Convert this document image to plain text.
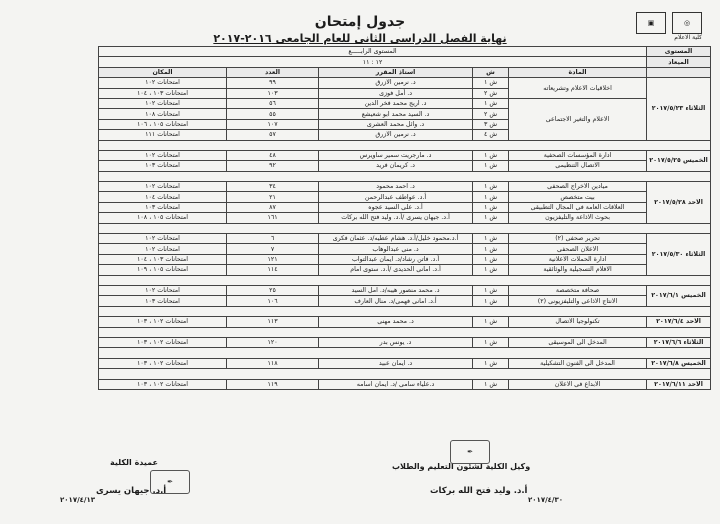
▣	◎
كلية الاعلام
جدول إمتحان
نهاية الفصل الدراسى الثانى للعام الجامعى ٢٠١٦-٢٠١٧
المستوى	المستوى الرابـــــع				
الميعاد	١٢ : ١١				
	المادة	ش	استاذ المقرر	العدد	المكان
الثلاثاء ٢٠١٧/٥/٢٣	اخلاقيات الاعلام وتشريعاته	ش ١	د. نرمين الازرق	٩٩	امتحانات ١٠٢
		ش ٢	د. أمل فوزى	١٠٣	امتحانات ١٠٣ ، ١٠٤
	الاعلام والتغير الاجتماعى	ش ١	د. اريج محمد فخر الدين	٥٦	امتحانات ١٠٢
		ش ٢	د. السيد محمد ابو شعيشع	٥٥	امتحانات ١٠٨
		ش ٣	د. وائل محمد العشرى	١٠٧	امتحانات ١٠٥ ، ١٠٦
		ش ٤	د. نرمين الازرق	٥٧	امتحانات ١١١

الخميس ٢٠١٧/٥/٢٥	ادارة المؤسسات الصحفية	ش ١	د. مارجريت سمير ساويرس	٤٨	امتحانات ١٠٢
	الاتصال التنظيمى	ش ١	د. كريمان فريد	٩٢	امتحانات ١٠٣

الاحد ٢٠١٧/٥/٢٨	ميادين الاخراج الصحفى	ش ١	د. احمد محمود	٣٤	امتحانات ١٠٢
	بيت متخصص	ش ١	أ.د. عواطف عبدالرحمن	٢١	امتحانات ١٠٤
	العلاقات العامة فى المجال التطبيقى	ش ١	أ.د. على السيد عجوه	٨٧	امتحانات ١٠٣
	بحوث الاذاعة والتليفزيون	ش ١	أ.د. جيهان يسرى /أ.د. وليد فتح الله بركات	١٦١	امتحانات ١٠٥ ، ١٠٨

الثلاثاء ٢٠١٧/٥/٣٠	تحرير صحفى (٢)	ش ١	أ.د.محمود خليل/أ.د. هشام عطيه/د. عثمان فكرى	٦	امتحانات ١٠٢
	الاعلان الصحفى	ش ١	د. منى عبدالوهاب	٧	امتحانات ١٠٢
	ادارة الحملات الاعلانية	ش ١	أ.د. فاتن رشاد/د. ايمان عبدالتواب	١٢١	امتحانات ١٠٣ ، ١٠٤
	الافلام التسجيلية والوثائقية	ش ١	أ.د. امانى الحديدى /أ.د. ستوى امام	١١٤	امتحانات ١٠٥ ، ١٠٩

الخميس ٢٠١٧/٦/١	صحافة متخصصة	ش ١	د. محمد منصور هيبه/د. امل السيد	٢٥	امتحانات ١٠٢
	الانتاج الاذاعى والتليفزيونى (٢)	ش ١	أ.د. امانى فهمى/د. منال العارف	١٠٦	امتحانات ١٠٣

الاحد ٢٠١٧/٦/٤	تكنولوجيا الاتصال	ش ١	د. محمد مهنى	١١٣	امتحانات ١٠٢ ، ١٠٣

الثلاثاء ٢٠١٧/٦/٦	المدخل الى الموسيقى	ش ١	د. يونس بدر	١٢٠	امتحانات ١٠٢ ، ١٠٣

الخميس ٢٠١٧/٦/٨	المدخل الى الفنون التشكيلية	ش ١	د. ايمان عبيد	١١٨	امتحانات ١٠٢ ، ١٠٣

الاحد ٢٠١٧/٦/١١	الابداع فى الاعلان	ش ١	د.علياء سامى /د. ايمان اسامه	١١٩	امتحانات ١٠٢ ، ١٠٣
عميدة الكلية
أ.د. جيهان يسرى
٢٠١٧/٤/١٣
✒
وكيل الكلية لشئون التعليم والطلاب
أ.د. وليد فتح الله بركات
٢٠١٧/٤/٣٠
✒
